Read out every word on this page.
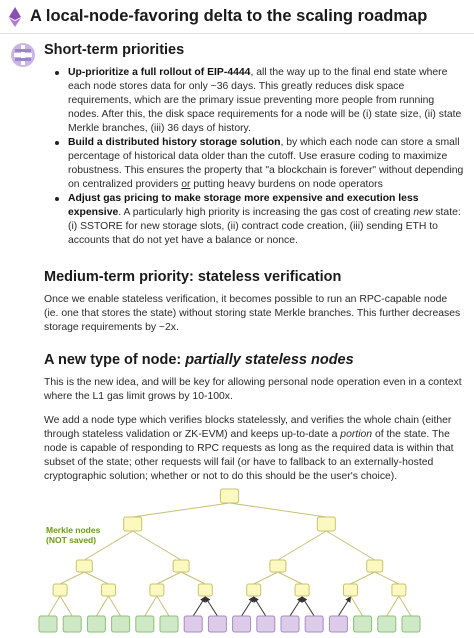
A local-node-favoring delta to the scaling roadmap
Short-term priorities
Up-prioritize a full rollout of EIP-4444, all the way up to the final end state where each node stores data for only ~36 days. This greatly reduces disk space requirements, which are the primary issue preventing more people from running nodes. After this, the disk space requirements for a node will be (i) state size, (ii) state Merkle branches, (iii) 36 days of history.
Build a distributed history storage solution, by which each node can store a small percentage of historical data older than the cutoff. Use erasure coding to maximize robustness. This ensures the property that "a blockchain is forever" without depending on centralized providers or putting heavy burdens on node operators
Adjust gas pricing to make storage more expensive and execution less expensive. A particularly high priority is increasing the gas cost of creating new state: (i) SSTORE for new storage slots, (ii) contract code creation, (iii) sending ETH to accounts that do not yet have a balance or nonce.
Medium-term priority: stateless verification

Once we enable stateless verification, it becomes possible to run an RPC-capable node (ie. one that stores the state) without storing state Merkle branches. This further decreases storage requirements by ~2x.

A new type of node: partially stateless nodes

This is the new idea, and will be key for allowing personal node operation even in a context where the L1 gas limit grows by 10-100x.

We add a node type which verifies blocks statelessly, and verifies the whole chain (either through stateless validation or ZK-EVM) and keeps up-to-date a portion of the state. The node is capable of responding to RPC requests as long as the required data is within that subset of the state; other requests will fail (or have to fallback to an externally-hosted cryptographic solution; whether or not to do this should be the user's choice).

Merkle nodes
(NOT saved)
